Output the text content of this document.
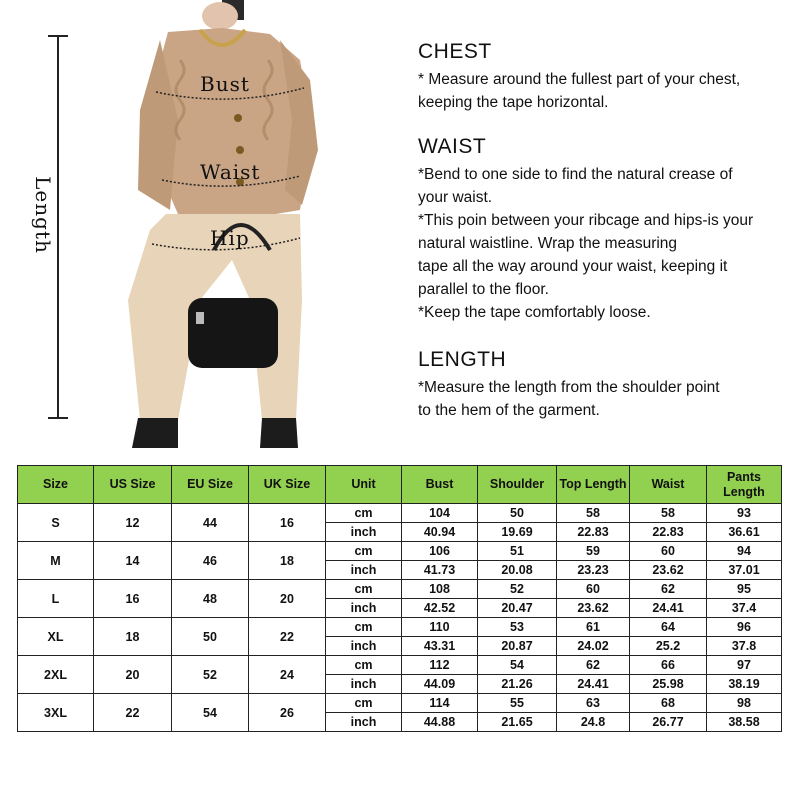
Bust
Waist
Hip
Length
CHEST

* Measure around the fullest part of your chest,
keeping the tape horizontal.

WAIST

*Bend to one side to find the natural crease of
your waist.
*This poin between your ribcage and hips-is your
natural waistline. Wrap the measuring
tape all the way around your waist, keeping it
parallel to the floor.
*Keep the tape comfortably loose.

LENGTH

*Measure the length from the shoulder point
to the hem of the garment.

Size	US Size	EU Size	UK Size	Unit	Bust	Shoulder	Top Length	Waist	Pants Length
S	12	44	16	cm	104	50	58	58	93
				inch	40.94	19.69	22.83	22.83	36.61
M	14	46	18	cm	106	51	59	60	94
				inch	41.73	20.08	23.23	23.62	37.01
L	16	48	20	cm	108	52	60	62	95
				inch	42.52	20.47	23.62	24.41	37.4
XL	18	50	22	cm	110	53	61	64	96
				inch	43.31	20.87	24.02	25.2	37.8
2XL	20	52	24	cm	112	54	62	66	97
				inch	44.09	21.26	24.41	25.98	38.19
3XL	22	54	26	cm	114	55	63	68	98
				inch	44.88	21.65	24.8	26.77	38.58
